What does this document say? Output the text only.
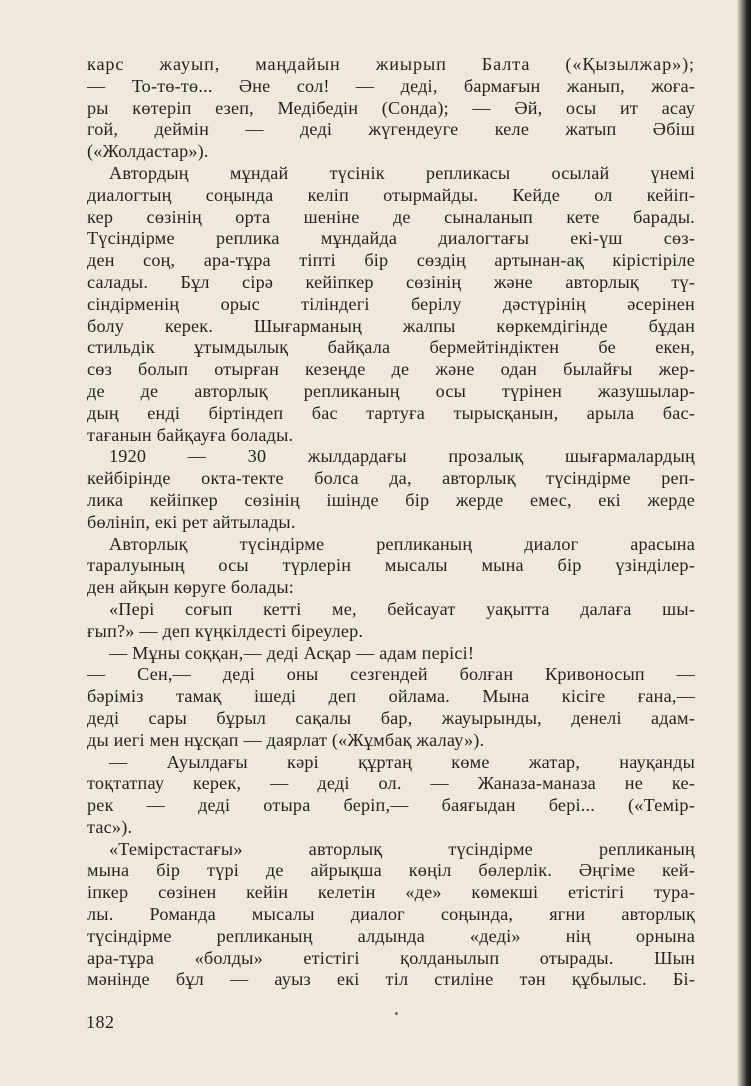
карс жауып, маңдайын жиырып Балта («Қызылжар»);
— То-тө-тө... Әне сол! — деді, бармағын жанып, жоға-
ры көтеріп езеп, Медібедін (Сонда); — Әй, осы ит асау
гой, деймін — деді жүгендеуге келе жатып Әбіш
(«Жолдастар»).
Автордың мұндай түсінік репликасы осылай үнемі
диалогтың соңында келіп отырмайды. Кейде ол кейіп-
кер сөзінің орта шеніне де сыналанып кете барады.
Түсіндірме реплика мұндайда диалогтағы екі-үш сөз-
ден соң, ара-тұра тіпті бір сөздің артынан-ақ кірістіріле
салады. Бұл сірә кейіпкер сөзінің және авторлық тү-
сіндірменің орыс тіліндегі берілу дәстүрінің әсерінен
болу керек. Шығарманың жалпы көркемдігінде бұдан
стильдік ұтымдылық байқала бермейтіндіктен бе екен,
сөз болып отырған кезеңде де және одан былайғы жер-
де де авторлық репликаның осы түрінен жазушылар-
дың енді біртіндеп бас тартуға тырысқанын, арыла бас-
тағанын байқауға болады.
1920 — 30 жылдардағы прозалық шығармалардың
кейбірінде окта-текте болса да, авторлық түсіндірме реп-
лика кейіпкер сөзінің ішінде бір жерде емес, екі жерде
бөлініп, екі рет айтылады.
Авторлық түсіндірме репликаның диалог арасына
таралуының осы түрлерін мысалы мына бір үзінділер-
ден айқын көруге болады:
«Пері соғып кетті ме, бейсауат уақытта далаға шы-
ғып?» — деп күңкілдесті біреулер.
— Мұны соққан,— деді Асқар — адам перісі!
— Сен,— деді оны сезгендей болған Кривоносып —
бәріміз тамақ ішеді деп ойлама. Мына кісіге ғана,—
деді сары бұрыл сақалы бар, жауырынды, денелі адам-
ды иегі мен нұсқап — даярлат («Жұмбақ жалау»).
— Ауылдағы кәрі құртаң көме жатар, науқанды
тоқтатпау керек, — деді ол. — Жаназа-маназа не ке-
рек — деді отыра беріп,— баяғыдан бері... («Темір-
тас»).
«Темірстастағы» авторлық түсіндірме репликаның
мына бір түрі де айрықша көңіл бөлерлік. Әңгіме кей-
іпкер сөзінен кейін келетін «де» көмекші етістігі тура-
лы. Романда мысалы диалог соңында, ягни авторлық
түсіндірме репликаның алдында «деді» нің орнына
ара-тұра «болды» етістігі қолданылып отырады. Шын
мәнінде бұл — ауыз екі тіл стиліне тән құбылыс. Бі-
182
